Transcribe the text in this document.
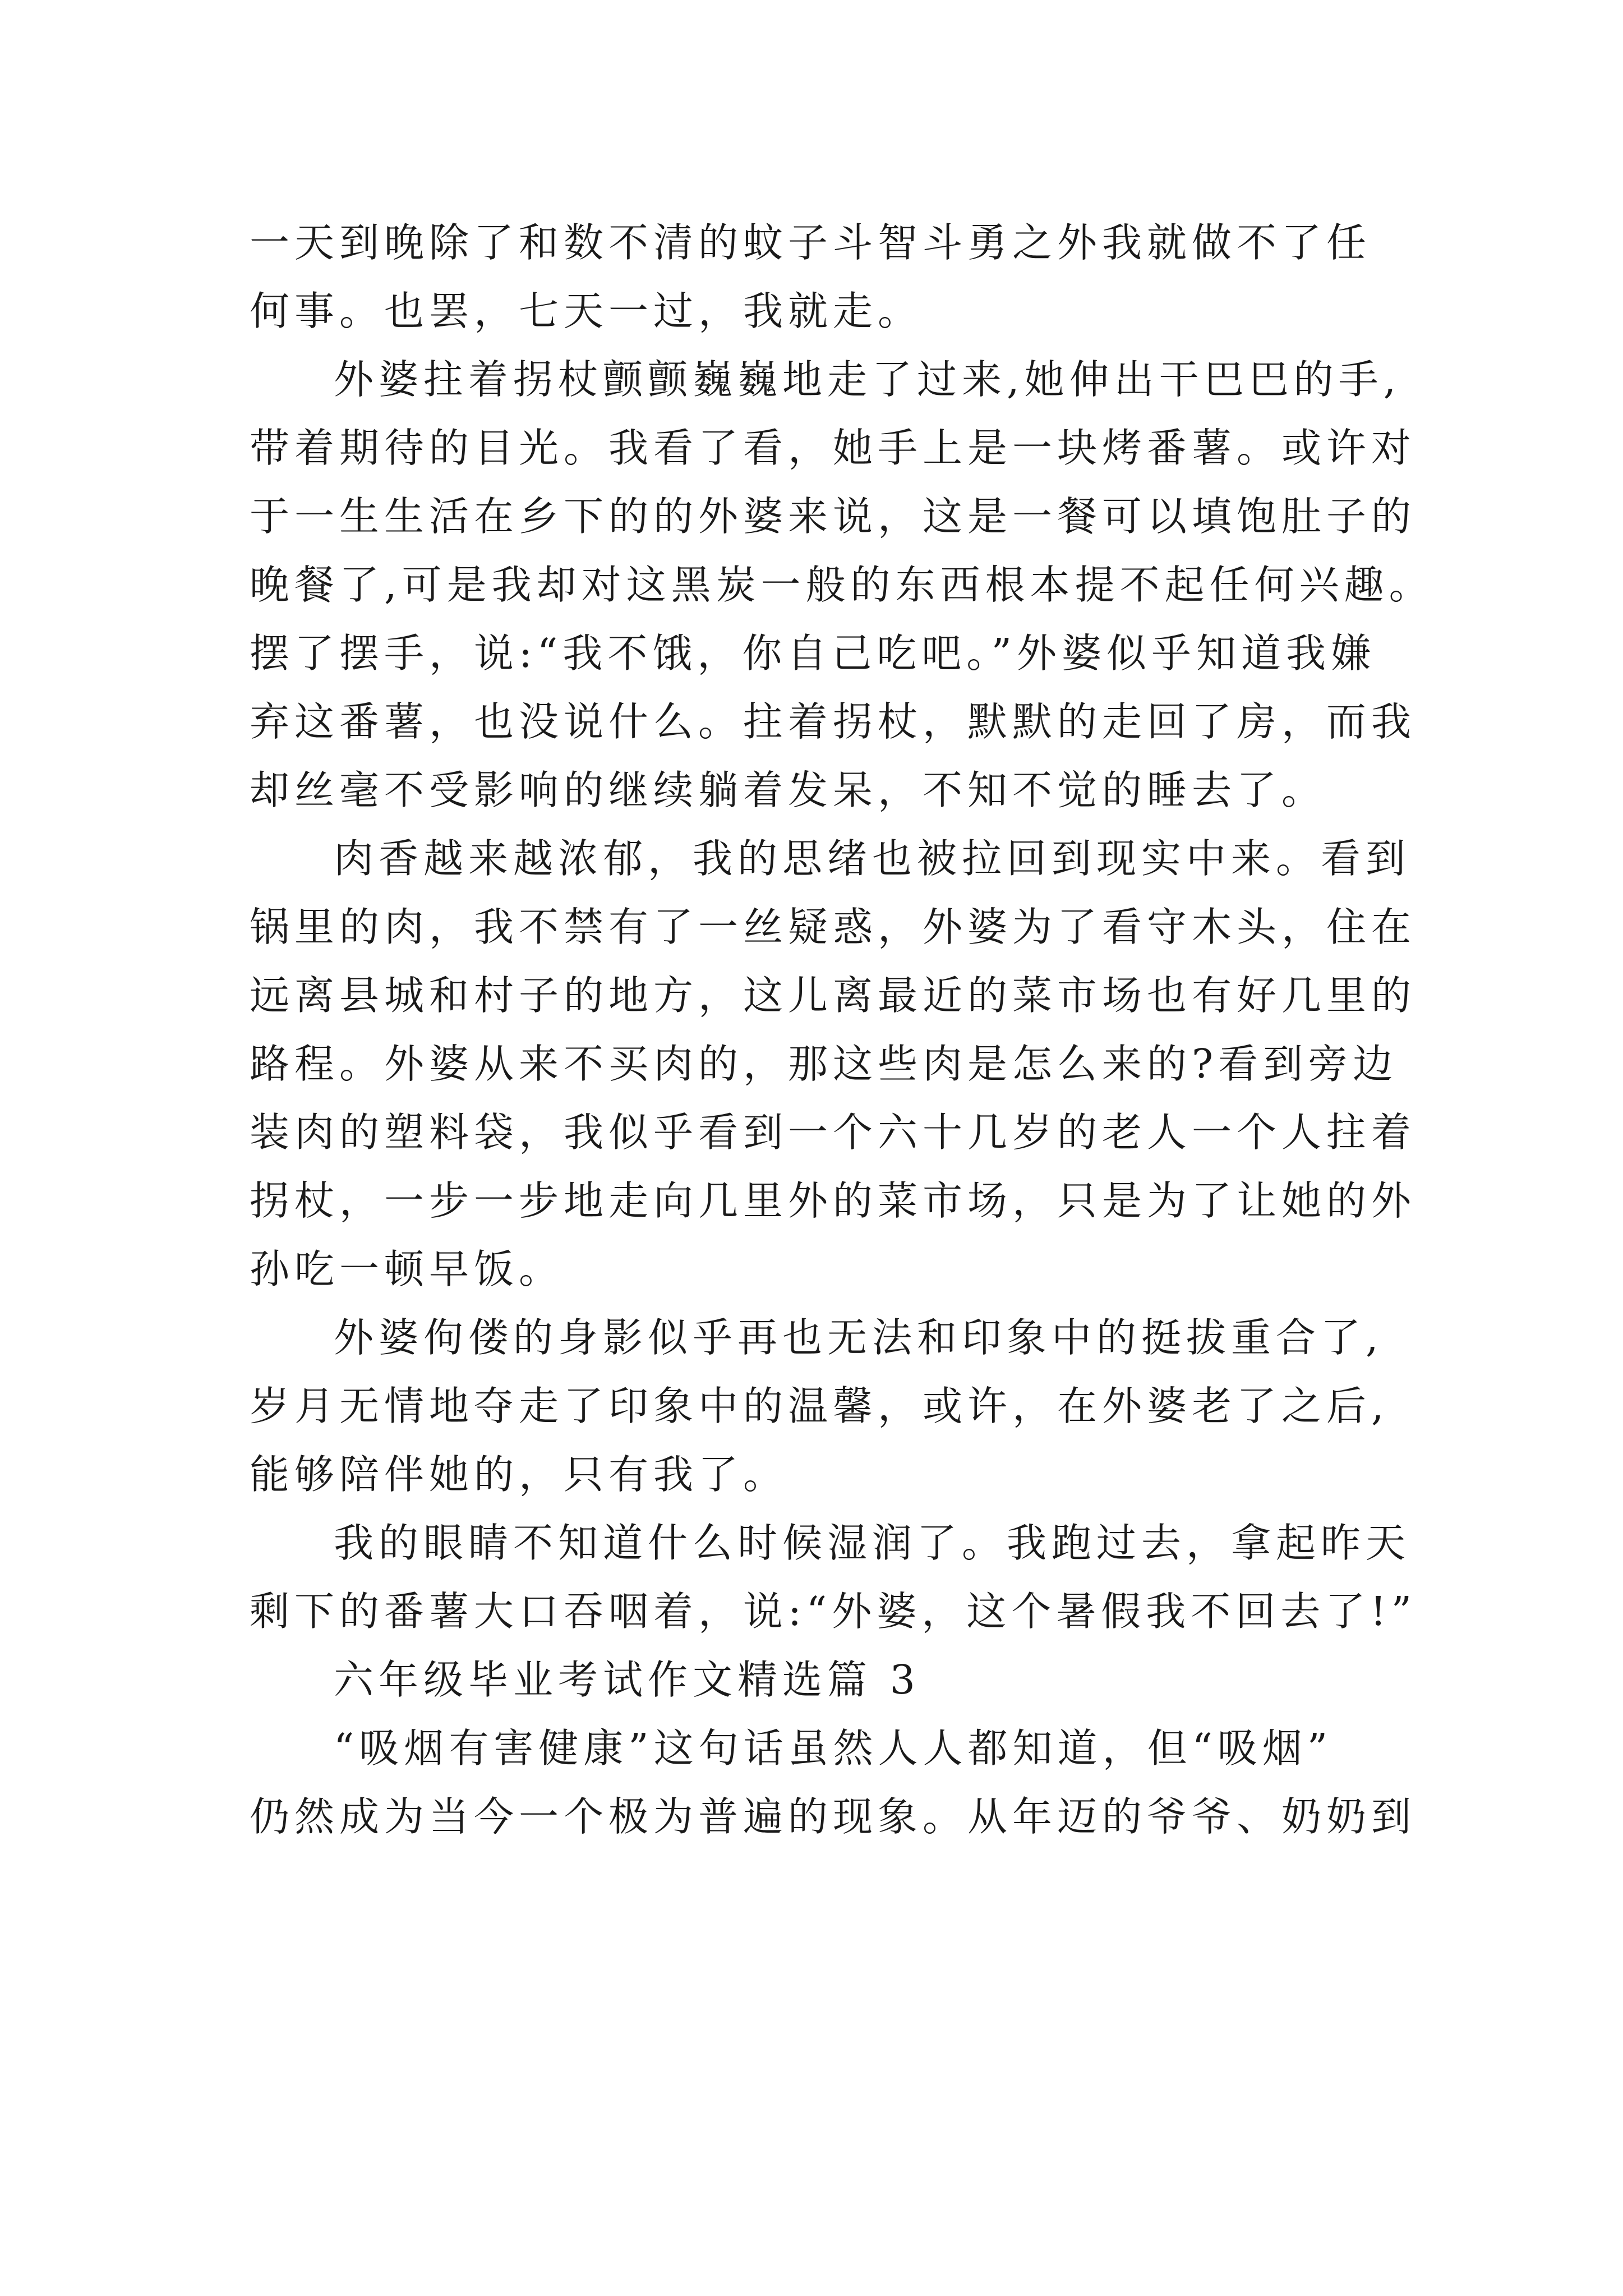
一天到晚除了和数不清的蚊子斗智斗勇之外我就做不了任
何事。也罢，七天一过，我就走。
外婆拄着拐杖颤颤巍巍地走了过来,她伸出干巴巴的手,
带着期待的目光。我看了看，她手上是一块烤番薯。或许对
于一生生活在乡下的的外婆来说，这是一餐可以填饱肚子的
晚餐了,可是我却对这黑炭一般的东西根本提不起任何兴趣。
摆了摆手，说:“我不饿，你自己吃吧。”外婆似乎知道我嫌
弃这番薯，也没说什么。拄着拐杖，默默的走回了房，而我
却丝毫不受影响的继续躺着发呆，不知不觉的睡去了。
肉香越来越浓郁，我的思绪也被拉回到现实中来。看到
锅里的肉，我不禁有了一丝疑惑，外婆为了看守木头，住在
远离县城和村子的地方，这儿离最近的菜市场也有好几里的
路程。外婆从来不买肉的，那这些肉是怎么来的?看到旁边
装肉的塑料袋，我似乎看到一个六十几岁的老人一个人拄着
拐杖，一步一步地走向几里外的菜市场，只是为了让她的外
孙吃一顿早饭。
外婆佝偻的身影似乎再也无法和印象中的挺拔重合了,
岁月无情地夺走了印象中的温馨，或许，在外婆老了之后,
能够陪伴她的，只有我了。
我的眼睛不知道什么时候湿润了。我跑过去，拿起昨天
剩下的番薯大口吞咽着，说:“外婆，这个暑假我不回去了!”
六年级毕业考试作文精选篇 3
“吸烟有害健康”这句话虽然人人都知道，但“吸烟”
仍然成为当今一个极为普遍的现象。从年迈的爷爷、奶奶到
